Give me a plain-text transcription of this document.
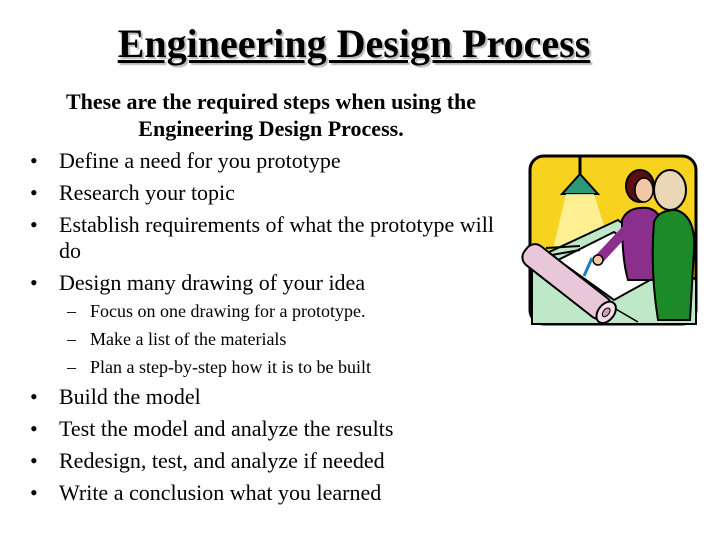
Engineering Design Process
These are the required steps when using the Engineering Design Process.
• Define a need for you prototype
• Research your topic
• Establish requirements of what the prototype will do
• Design many drawing of your idea
– Focus on one drawing for a prototype.
– Make a list of the materials
– Plan a step-by-step how it is to be built
• Build the model
• Test the model and analyze the results
• Redesign, test, and analyze if needed
• Write a conclusion what you learned
